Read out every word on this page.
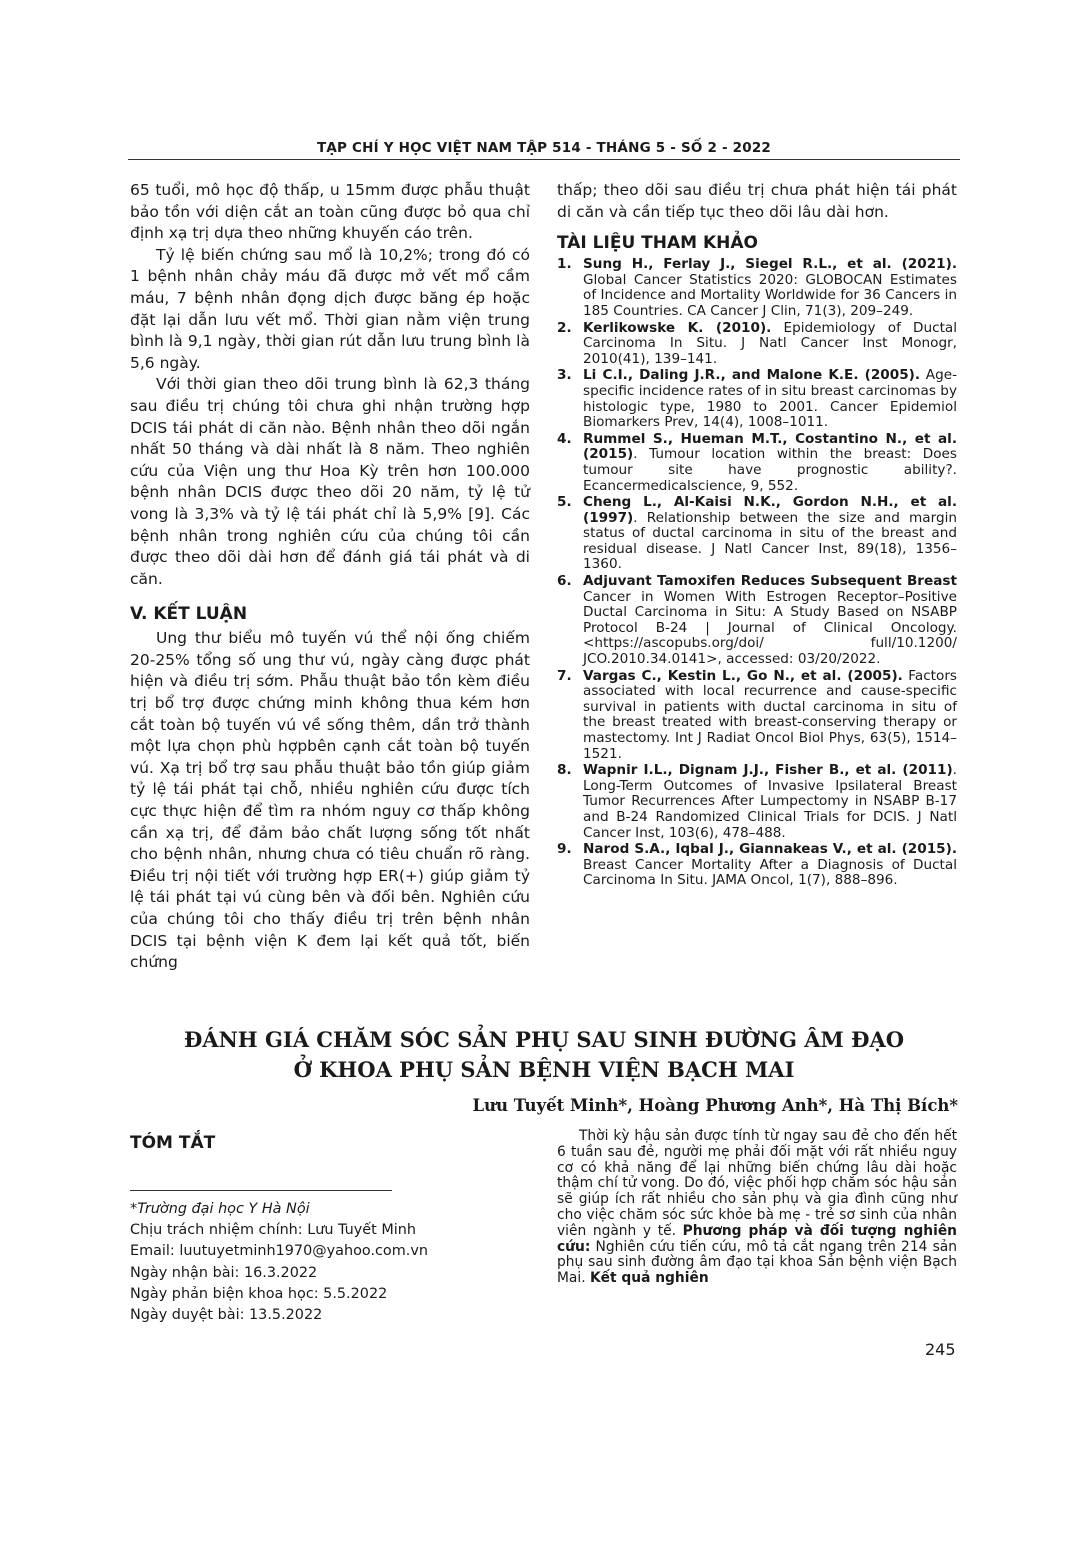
TẠP CHÍ Y HỌC VIỆT NAM TẬP 514 - THÁNG 5 - SỐ 2 - 2022

65 tuổi, mô học độ thấp, u 15mm được phẫu thuật bảo tồn với diện cắt an toàn cũng được bỏ qua chỉ định xạ trị dựa theo những khuyến cáo trên.

Tỷ lệ biến chứng sau mổ là 10,2%; trong đó có 1 bệnh nhân chảy máu đã được mở vết mổ cầm máu, 7 bệnh nhân đọng dịch được băng ép hoặc đặt lại dẫn lưu vết mổ. Thời gian nằm viện trung bình là 9,1 ngày, thời gian rút dẫn lưu trung bình là 5,6 ngày.

Với thời gian theo dõi trung bình là 62,3 tháng sau điều trị chúng tôi chưa ghi nhận trường hợp DCIS tái phát di căn nào. Bệnh nhân theo dõi ngắn nhất 50 tháng và dài nhất là 8 năm. Theo nghiên cứu của Viện ung thư Hoa Kỳ trên hơn 100.000 bệnh nhân DCIS được theo dõi 20 năm, tỷ lệ tử vong là 3,3% và tỷ lệ tái phát chỉ là 5,9% [9]. Các bệnh nhân trong nghiên cứu của chúng tôi cần được theo dõi dài hơn để đánh giá tái phát và di căn.

V. KẾT LUẬN

Ung thư biểu mô tuyến vú thể nội ống chiếm 20-25% tổng số ung thư vú, ngày càng được phát hiện và điều trị sớm. Phẫu thuật bảo tồn kèm điều trị bổ trợ được chứng minh không thua kém hơn cắt toàn bộ tuyến vú về sống thêm, dần trở thành một lựa chọn phù hợpbên cạnh cắt toàn bộ tuyến vú. Xạ trị bổ trợ sau phẫu thuật bảo tồn giúp giảm tỷ lệ tái phát tại chỗ, nhiều nghiên cứu được tích cực thực hiện để tìm ra nhóm nguy cơ thấp không cần xạ trị, để đảm bảo chất lượng sống tốt nhất cho bệnh nhân, nhưng chưa có tiêu chuẩn rõ ràng. Điều trị nội tiết với trường hợp ER(+) giúp giảm tỷ lệ tái phát tại vú cùng bên và đối bên. Nghiên cứu của chúng tôi cho thấy điều trị trên bệnh nhân DCIS tại bệnh viện K đem lại kết quả tốt, biến chứng

thấp; theo dõi sau điều trị chưa phát hiện tái phát di căn và cần tiếp tục theo dõi lâu dài hơn.

TÀI LIỆU THAM KHẢO
1. Sung H., Ferlay J., Siegel R.L., et al. (2021). Global Cancer Statistics 2020: GLOBOCAN Estimates of Incidence and Mortality Worldwide for 36 Cancers in 185 Countries. CA Cancer J Clin, 71(3), 209–249.
2. Kerlikowske K. (2010). Epidemiology of Ductal Carcinoma In Situ. J Natl Cancer Inst Monogr, 2010(41), 139–141.
3. Li C.I., Daling J.R., and Malone K.E. (2005). Age-specific incidence rates of in situ breast carcinomas by histologic type, 1980 to 2001. Cancer Epidemiol Biomarkers Prev, 14(4), 1008–1011.
4. Rummel S., Hueman M.T., Costantino N., et al. (2015). Tumour location within the breast: Does tumour site have prognostic ability?. Ecancermedicalscience, 9, 552.
5. Cheng L., Al-Kaisi N.K., Gordon N.H., et al. (1997). Relationship between the size and margin status of ductal carcinoma in situ of the breast and residual disease. J Natl Cancer Inst, 89(18), 1356–1360.
6. Adjuvant Tamoxifen Reduces Subsequent Breast Cancer in Women With Estrogen Receptor–Positive Ductal Carcinoma in Situ: A Study Based on NSABP Protocol B-24 | Journal of Clinical Oncology. <https://ascopubs.org/doi/ full/10.1200/ JCO.2010.34.0141>, accessed: 03/20/2022.
7. Vargas C., Kestin L., Go N., et al. (2005). Factors associated with local recurrence and cause-specific survival in patients with ductal carcinoma in situ of the breast treated with breast-conserving therapy or mastectomy. Int J Radiat Oncol Biol Phys, 63(5), 1514–1521.
8. Wapnir I.L., Dignam J.J., Fisher B., et al. (2011). Long-Term Outcomes of Invasive Ipsilateral Breast Tumor Recurrences After Lumpectomy in NSABP B-17 and B-24 Randomized Clinical Trials for DCIS. J Natl Cancer Inst, 103(6), 478–488.
9. Narod S.A., Iqbal J., Giannakeas V., et al. (2015). Breast Cancer Mortality After a Diagnosis of Ductal Carcinoma In Situ. JAMA Oncol, 1(7), 888–896.
ĐÁNH GIÁ CHĂM SÓC SẢN PHỤ SAU SINH ĐƯỜNG ÂM ĐẠO
Ở KHOA PHỤ SẢN BỆNH VIỆN BẠCH MAI
Lưu Tuyết Minh*, Hoàng Phương Anh*, Hà Thị Bích*
TÓM TẮT
*Trường đại học Y Hà Nội
Chịu trách nhiệm chính: Lưu Tuyết Minh
Email: luutuyetminh1970@yahoo.com.vn
Ngày nhận bài: 16.3.2022
Ngày phản biện khoa học: 5.5.2022
Ngày duyệt bài: 13.5.2022
Thời kỳ hậu sản được tính từ ngay sau đẻ cho đến hết 6 tuần sau đẻ, người mẹ phải đối mặt với rất nhiều nguy cơ có khả năng để lại những biến chứng lâu dài hoặc thậm chí tử vong. Do đó, việc phối hợp chăm sóc hậu sản sẽ giúp ích rất nhiều cho sản phụ và gia đình cũng như cho việc chăm sóc sức khỏe bà mẹ - trẻ sơ sinh của nhân viên ngành y tế. Phương pháp và đối tượng nghiên cứu: Nghiên cứu tiến cứu, mô tả cắt ngang trên 214 sản phụ sau sinh đường âm đạo tại khoa Sản bệnh viện Bạch Mai. Kết quả nghiên
245
